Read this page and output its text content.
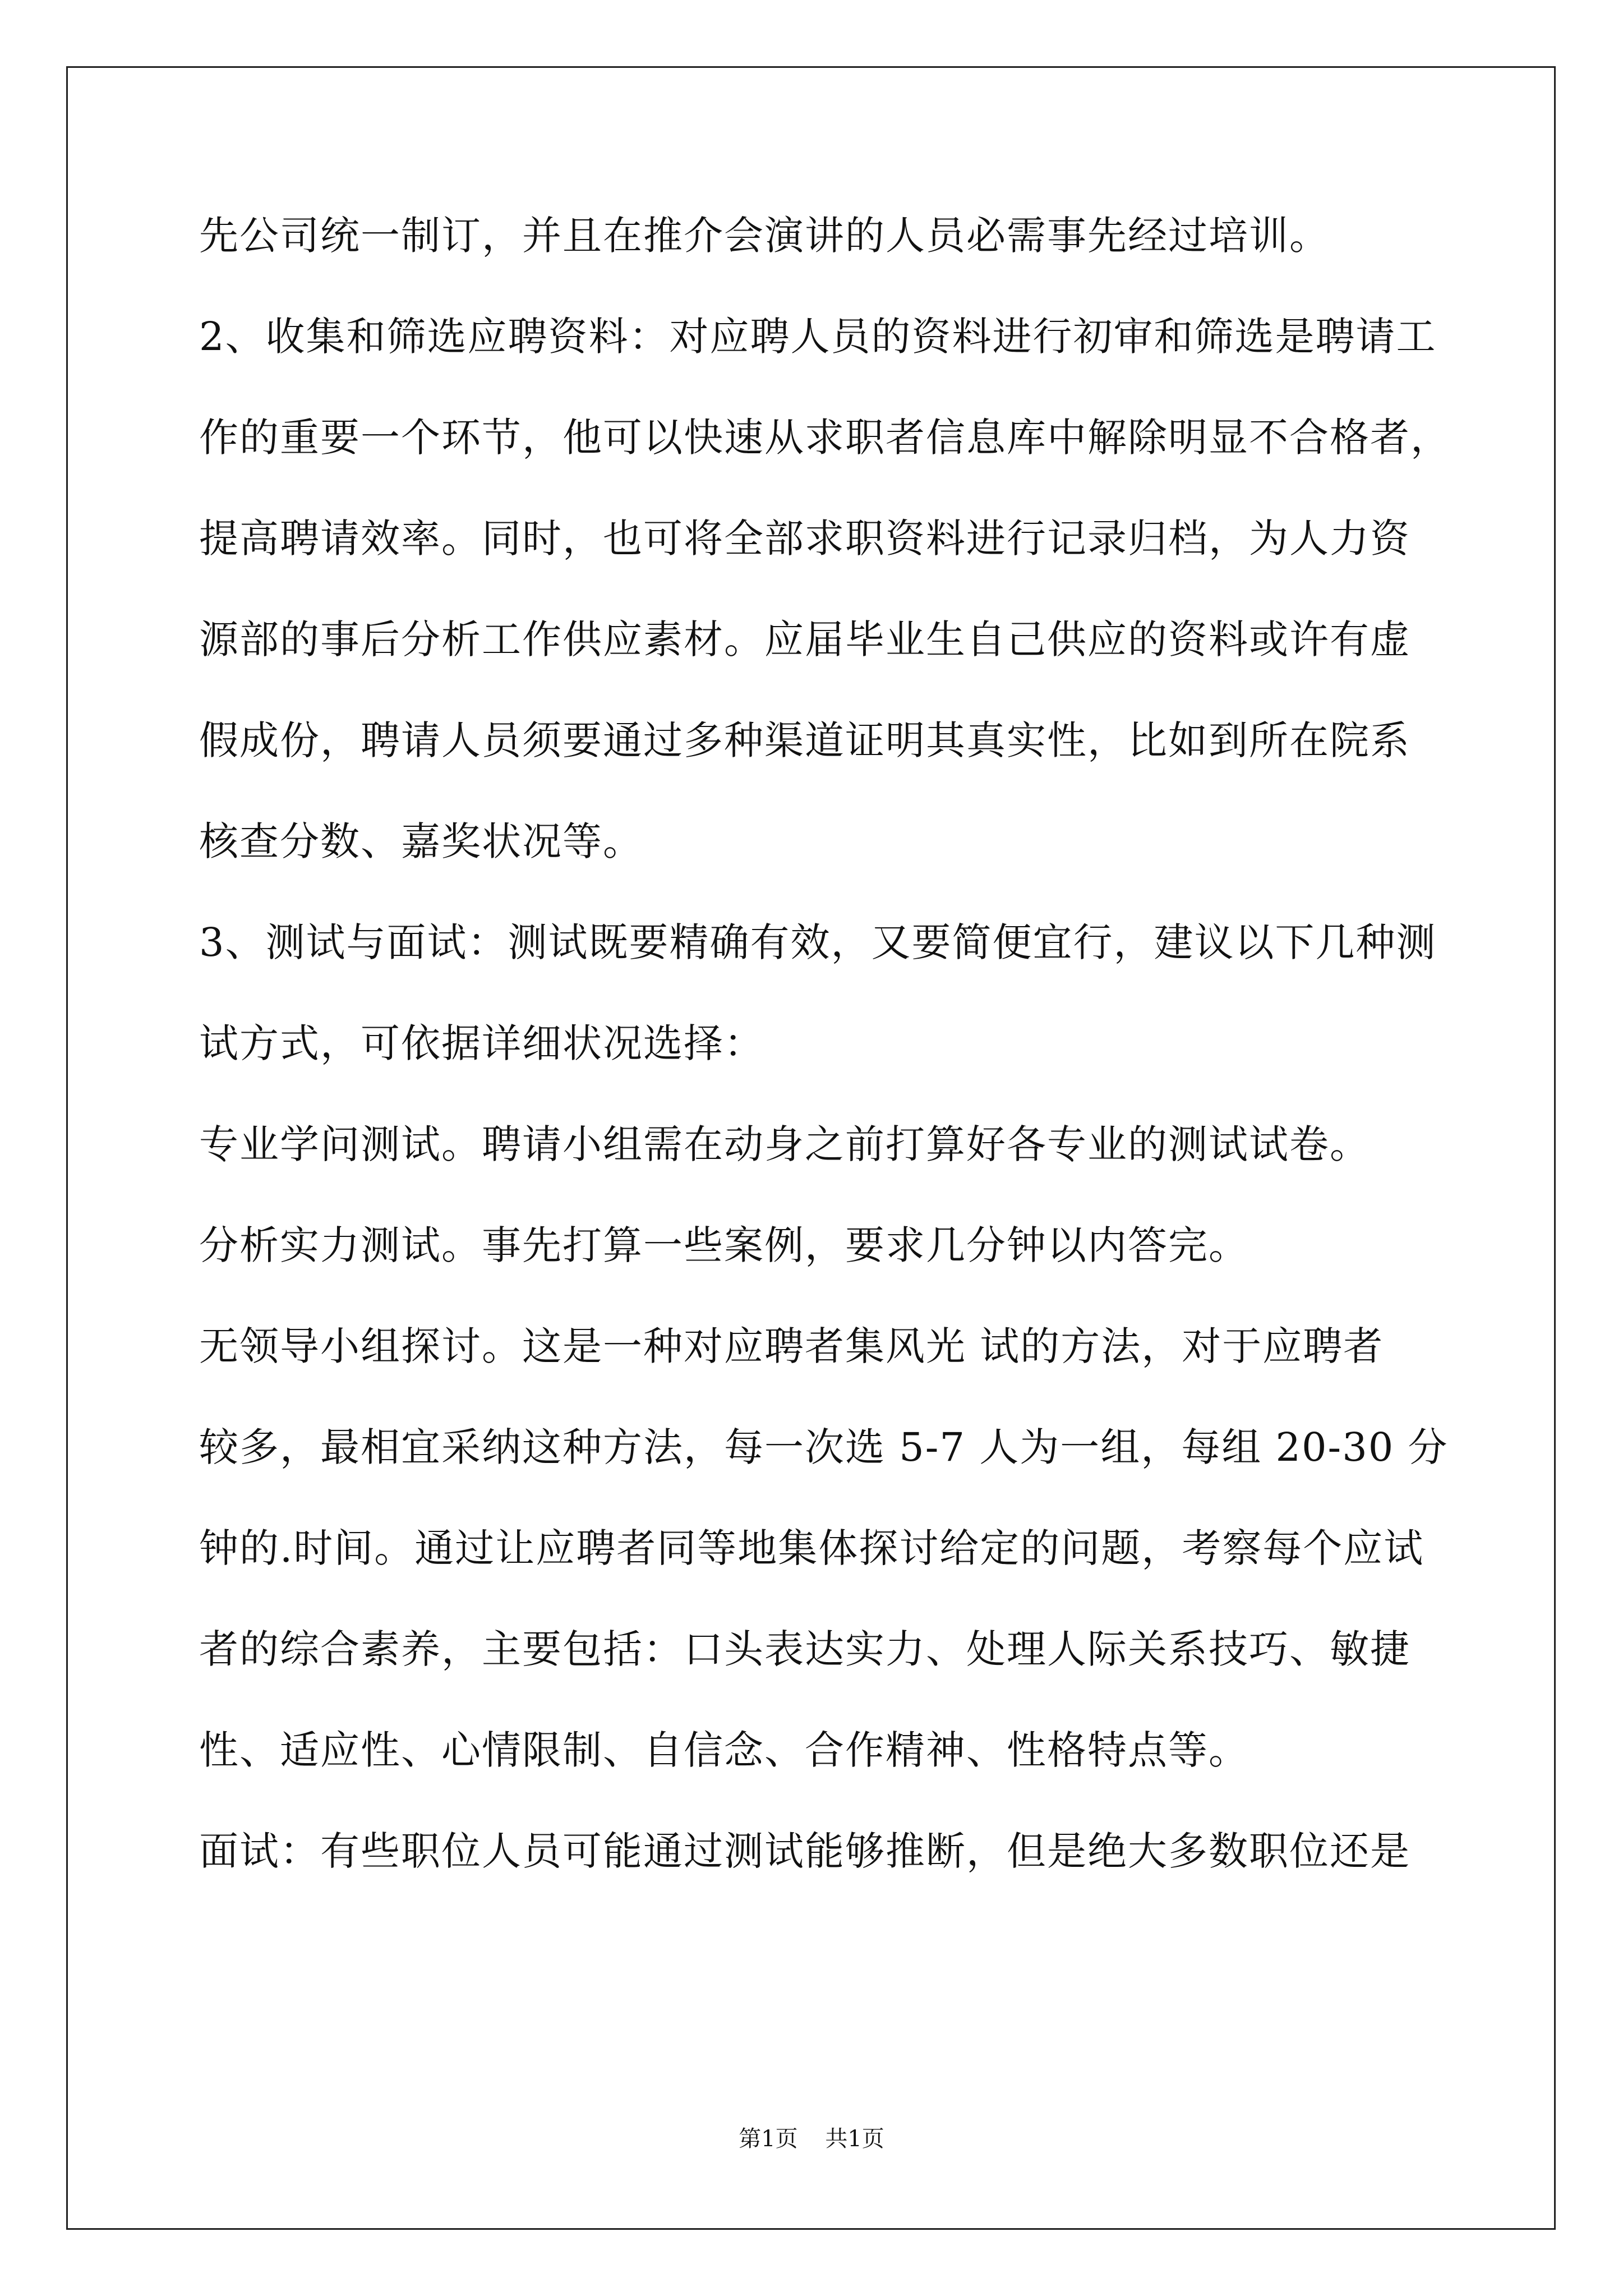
先公司统一制订，并且在推介会演讲的人员必需事先经过培训。
2、收集和筛选应聘资料：对应聘人员的资料进行初审和筛选是聘请工
作的重要一个环节，他可以快速从求职者信息库中解除明显不合格者，
提高聘请效率。同时，也可将全部求职资料进行记录归档，为人力资
源部的事后分析工作供应素材。应届毕业生自己供应的资料或许有虚
假成份，聘请人员须要通过多种渠道证明其真实性，比如到所在院系
核查分数、嘉奖状况等。
3、测试与面试：测试既要精确有效，又要简便宜行，建议以下几种测
试方式，可依据详细状况选择：
专业学问测试。聘请小组需在动身之前打算好各专业的测试试卷。
分析实力测试。事先打算一些案例，要求几分钟以内答完。
无领导小组探讨。这是一种对应聘者集风光 试的方法，对于应聘者
较多，最相宜采纳这种方法，每一次选 5-7 人为一组，每组 20-30 分
钟的.时间。通过让应聘者同等地集体探讨给定的问题，考察每个应试
者的综合素养，主要包括：口头表达实力、处理人际关系技巧、敏捷
性、适应性、心情限制、自信念、合作精神、性格特点等。
面试：有些职位人员可能通过测试能够推断，但是绝大多数职位还是
第1页 共1页
